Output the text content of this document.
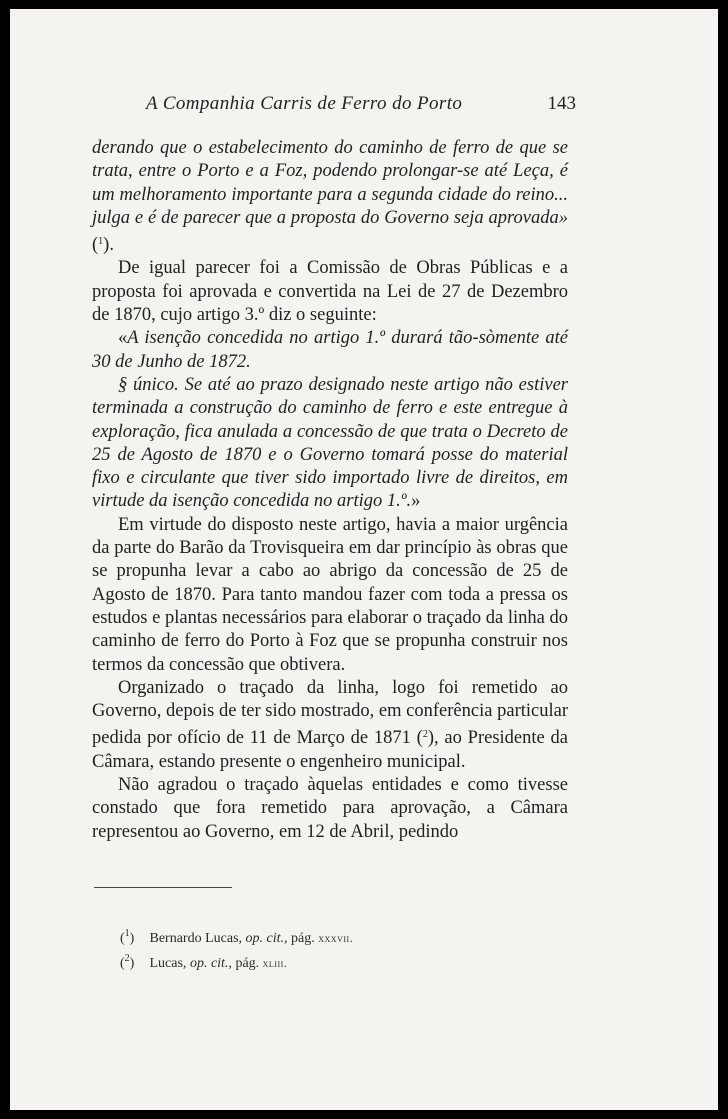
A Companhia Carris de Ferro do Porto	143

derando que o estabelecimento do caminho de ferro de que se trata, entre o Porto e a Foz, podendo prolongar-se até Leça, é um melhoramento importante para a segunda cidade do reino... julga e é de parecer que a proposta do Governo seja aprovada» ($^1$).

De igual parecer foi a Comissão de Obras Públicas e a proposta foi aprovada e convertida na Lei de 27 de Dezembro de 1870, cujo artigo 3.º diz o seguinte:

«A isenção concedida no artigo 1.º durará tão-sòmente até 30 de Junho de 1872.

§ único. Se até ao prazo designado neste artigo não estiver terminada a construção do caminho de ferro e este entregue à exploração, fica anulada a concessão de que trata o Decreto de 25 de Agosto de 1870 e o Governo tomará posse do material fixo e circulante que tiver sido importado livre de direitos, em virtude da isenção concedida no artigo 1.º.»

Em virtude do disposto neste artigo, havia a maior urgência da parte do Barão da Trovisqueira em dar princípio às obras que se propunha levar a cabo ao abrigo da concessão de 25 de Agosto de 1870. Para tanto mandou fazer com toda a pressa os estudos e plantas necessários para elaborar o traçado da linha do caminho de ferro do Porto à Foz que se propunha construir nos termos da concessão que obtivera.

Organizado o traçado da linha, logo foi remetido ao Governo, depois de ter sido mostrado, em conferência particular pedida por ofício de 11 de Março de 1871 ($^2$), ao Presidente da Câmara, estando presente o engenheiro municipal.

Não agradou o traçado àquelas entidades e como tivesse constado que fora remetido para aprovação, a Câmara representou ao Governo, em 12 de Abril, pedindo

($^1$) Bernardo Lucas, op. cit., pág. xxxvii.
($^2$) Lucas, op. cit., pág. xliii.
